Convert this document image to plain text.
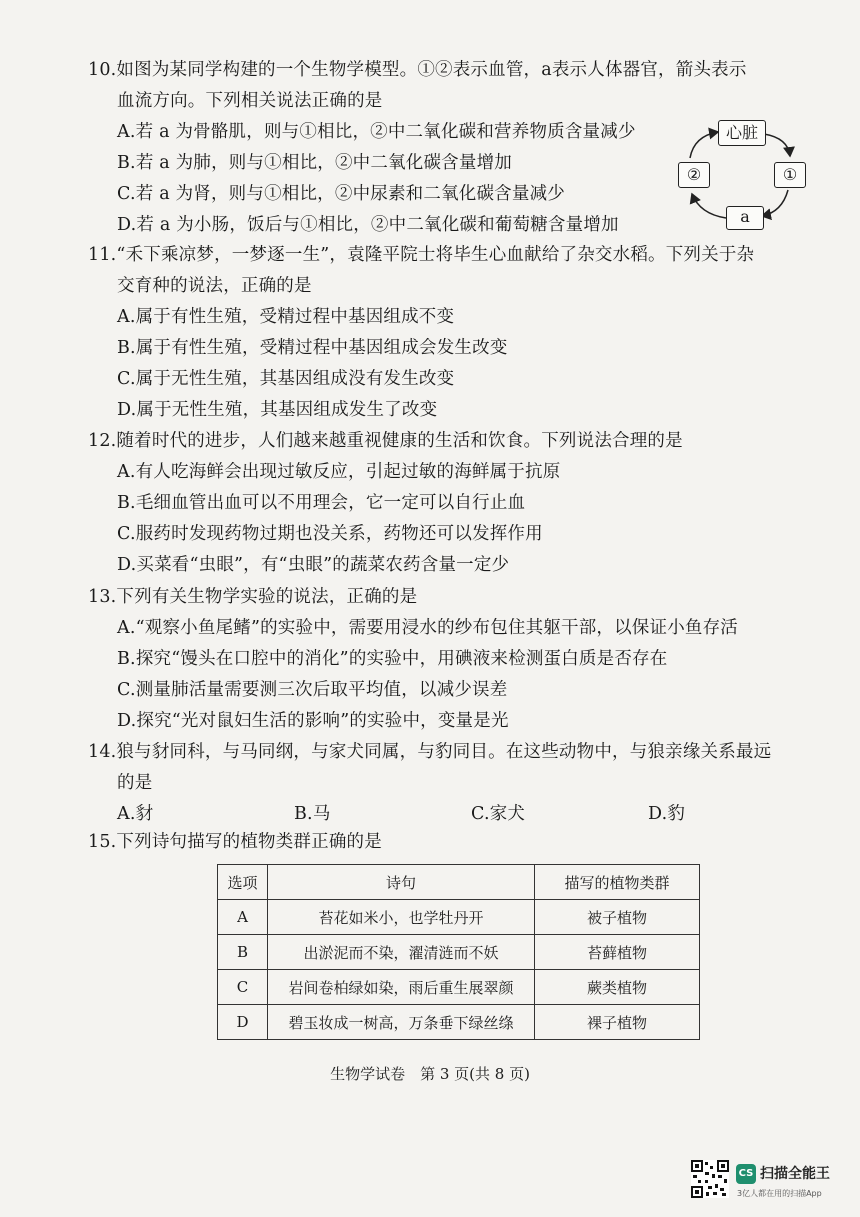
10.如图为某同学构建的一个生物学模型。①②表示血管，a表示人体器官，箭头表示
血流方向。下列相关说法正确的是
A.若 a 为骨骼肌，则与①相比，②中二氧化碳和营养物质含量减少
B.若 a 为肺，则与①相比，②中二氧化碳含量增加
C.若 a 为肾，则与①相比，②中尿素和二氧化碳含量减少
D.若 a 为小肠，饭后与①相比，②中二氧化碳和葡萄糖含量增加
心脏
②	①
a
11.“禾下乘凉梦，一梦逐一生”，袁隆平院士将毕生心血献给了杂交水稻。下列关于杂
交育种的说法，正确的是
A.属于有性生殖，受精过程中基因组成不变
B.属于有性生殖，受精过程中基因组成会发生改变
C.属于无性生殖，其基因组成没有发生改变
D.属于无性生殖，其基因组成发生了改变
12.随着时代的进步，人们越来越重视健康的生活和饮食。下列说法合理的是
A.有人吃海鲜会出现过敏反应，引起过敏的海鲜属于抗原
B.毛细血管出血可以不用理会，它一定可以自行止血
C.服药时发现药物过期也没关系，药物还可以发挥作用
D.买菜看“虫眼”，有“虫眼”的蔬菜农药含量一定少
13.下列有关生物学实验的说法，正确的是
A.“观察小鱼尾鳍”的实验中，需要用浸水的纱布包住其躯干部，以保证小鱼存活
B.探究“馒头在口腔中的消化”的实验中，用碘液来检测蛋白质是否存在
C.测量肺活量需要测三次后取平均值，以减少误差
D.探究“光对鼠妇生活的影响”的实验中，变量是光
14.狼与豺同科，与马同纲，与家犬同属，与豹同目。在这些动物中，与狼亲缘关系最远
的是
A.豺	B.马	C.家犬	D.豹
15.下列诗句描写的植物类群正确的是
选项	诗句	描写的植物类群
A	苔花如米小，也学牡丹开	被子植物
B	出淤泥而不染，濯清涟而不妖	苔藓植物
C	岩间卷柏绿如染，雨后重生展翠颜	蕨类植物
D	碧玉妆成一树高，万条垂下绿丝绦	裸子植物
生物学试卷　第 3 页(共 8 页)
CS 扫描全能王
3亿人都在用的扫描App
